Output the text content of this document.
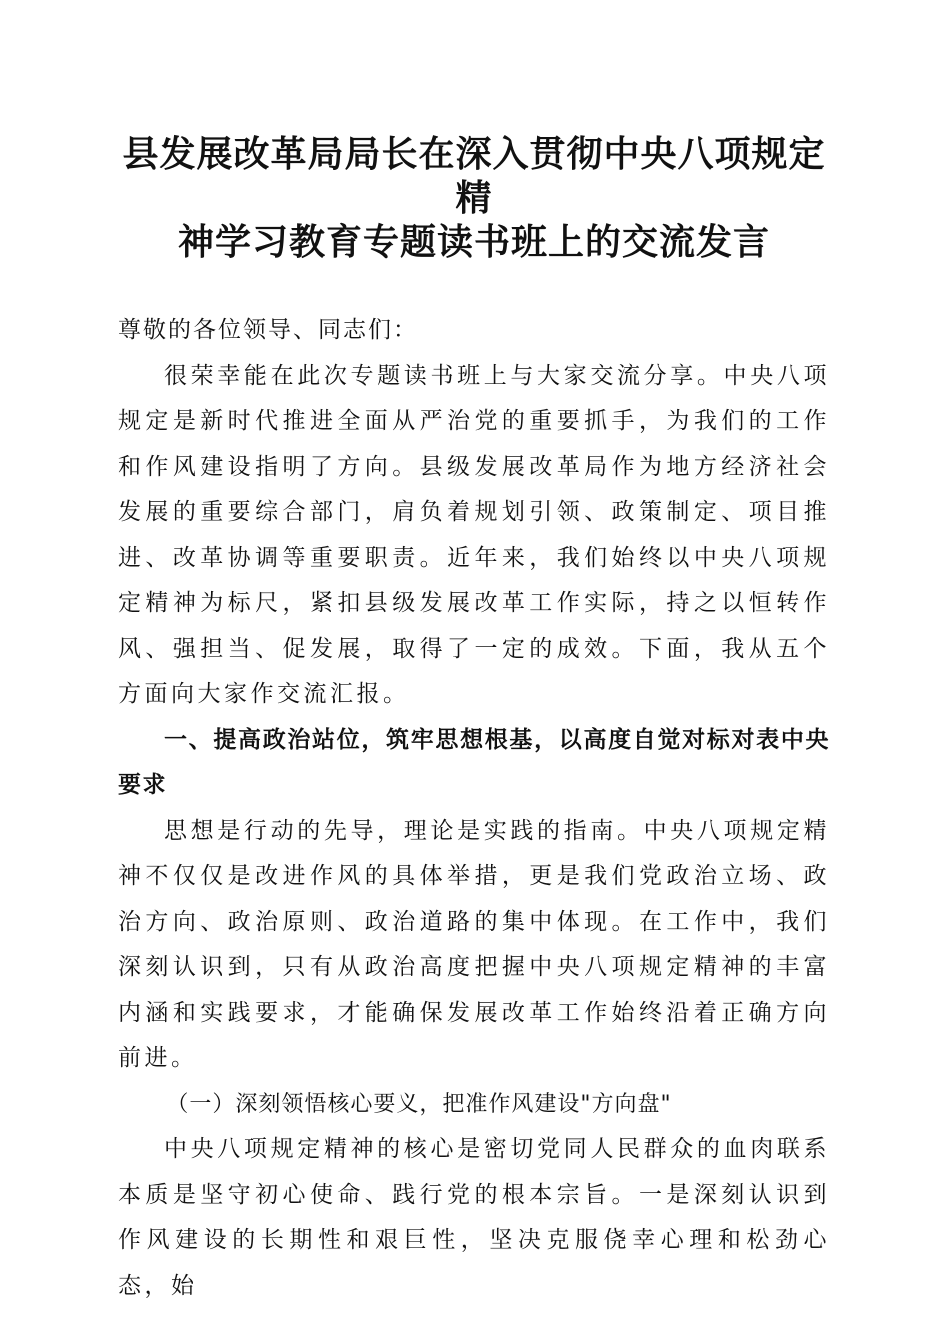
县发展改革局局长在深入贯彻中央八项规定精
神学习教育专题读书班上的交流发言

尊敬的各位领导、同志们：

很荣幸能在此次专题读书班上与大家交流分享。中央八项规定是新时代推进全面从严治党的重要抓手，为我们的工作和作风建设指明了方向。县级发展改革局作为地方经济社会发展的重要综合部门，肩负着规划引领、政策制定、项目推进、改革协调等重要职责。近年来，我们始终以中央八项规定精神为标尺，紧扣县级发展改革工作实际，持之以恒转作风、强担当、促发展，取得了一定的成效。下面，我从五个方面向大家作交流汇报。

一、提高政治站位，筑牢思想根基，以高度自觉对标对表中央要求

思想是行动的先导，理论是实践的指南。中央八项规定精神不仅仅是改进作风的具体举措，更是我们党政治立场、政治方向、政治原则、政治道路的集中体现。在工作中，我们深刻认识到，只有从政治高度把握中央八项规定精神的丰富内涵和实践要求，才能确保发展改革工作始终沿着正确方向前进。

（一）深刻领悟核心要义，把准作风建设"方向盘"

中央八项规定精神的核心是密切党同人民群众的血肉联系本质是坚守初心使命、践行党的根本宗旨。一是深刻认识到作风建设的长期性和艰巨性，坚决克服侥幸心理和松劲心态，始
